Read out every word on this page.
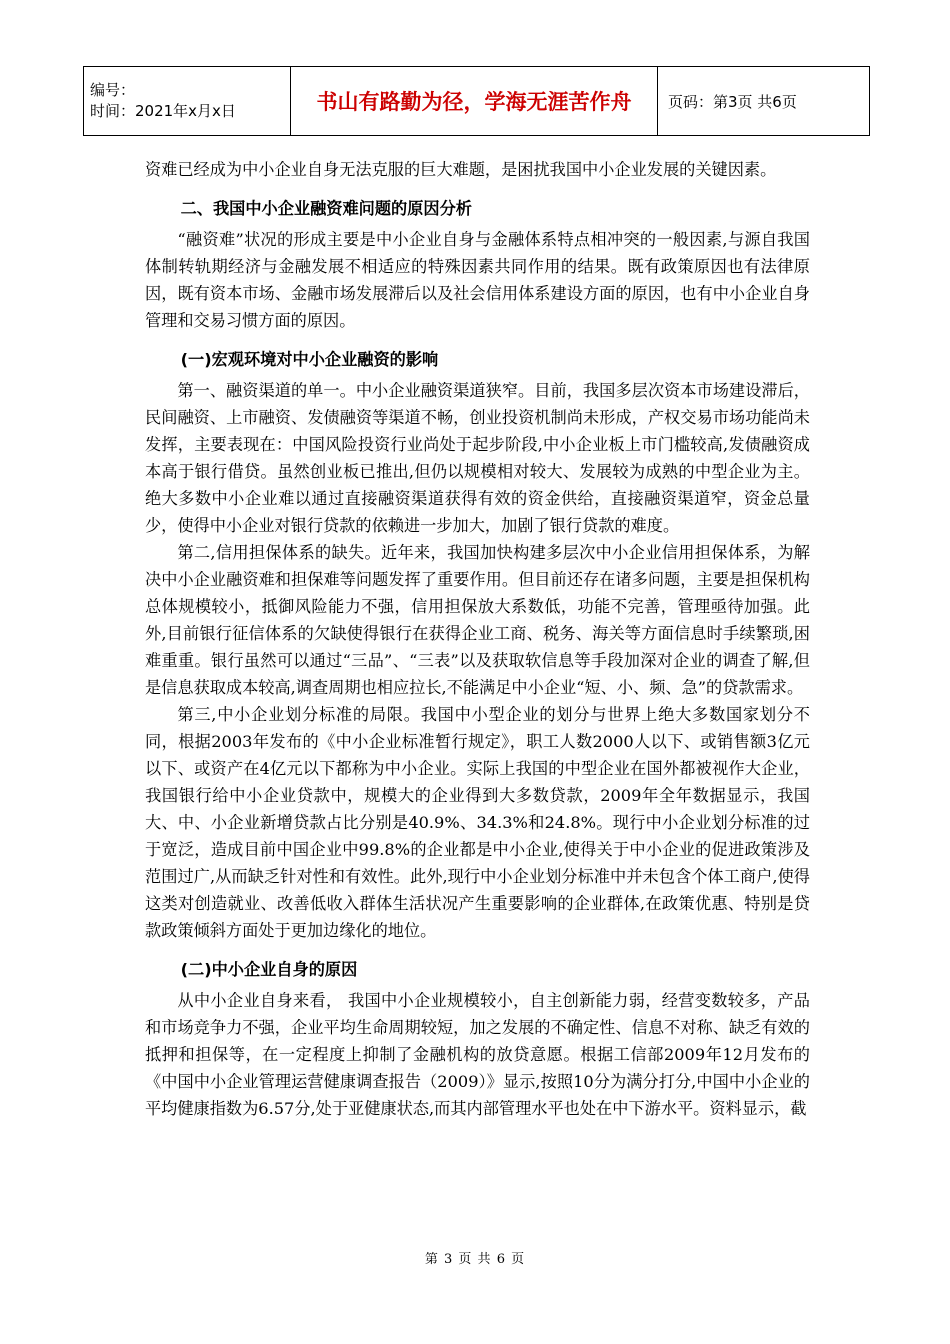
编号：
时间：2021年x月x日	书山有路勤为径，学海无涯苦作舟	页码：第3页 共6页

资难已经成为中小企业自身无法克服的巨大难题，是困扰我国中小企业发展的关键因素。

二、我国中小企业融资难问题的原因分析

“融资难”状况的形成主要是中小企业自身与金融体系特点相冲突的一般因素,与源自我国体制转轨期经济与金融发展不相适应的特殊因素共同作用的结果。既有政策原因也有法律原因，既有资本市场、金融市场发展滞后以及社会信用体系建设方面的原因，也有中小企业自身管理和交易习惯方面的原因。

(一)宏观环境对中小企业融资的影响

第一、融资渠道的单一。中小企业融资渠道狭窄。目前，我国多层次资本市场建设滞后，民间融资、上市融资、发债融资等渠道不畅，创业投资机制尚未形成，产权交易市场功能尚未发挥，主要表现在：中国风险投资行业尚处于起步阶段,中小企业板上市门槛较高,发债融资成本高于银行借贷。虽然创业板已推出,但仍以规模相对较大、发展较为成熟的中型企业为主。绝大多数中小企业难以通过直接融资渠道获得有效的资金供给，直接融资渠道窄，资金总量少，使得中小企业对银行贷款的依赖进一步加大，加剧了银行贷款的难度。

第二,信用担保体系的缺失。近年来，我国加快构建多层次中小企业信用担保体系，为解决中小企业融资难和担保难等问题发挥了重要作用。但目前还存在诸多问题，主要是担保机构总体规模较小，抵御风险能力不强，信用担保放大系数低，功能不完善，管理亟待加强。此外,目前银行征信体系的欠缺使得银行在获得企业工商、税务、海关等方面信息时手续繁琐,困难重重。银行虽然可以通过“三品”、“三表”以及获取软信息等手段加深对企业的调查了解,但是信息获取成本较高,调查周期也相应拉长,不能满足中小企业“短、小、频、急”的贷款需求。

第三,中小企业划分标准的局限。我国中小型企业的划分与世界上绝大多数国家划分不同，根据2003年发布的《中小企业标准暂行规定》，职工人数2000人以下、或销售额3亿元以下、或资产在4亿元以下都称为中小企业。实际上我国的中型企业在国外都被视作大企业，我国银行给中小企业贷款中，规模大的企业得到大多数贷款，2009年全年数据显示，我国大、中、小企业新增贷款占比分别是40.9%、34.3%和24.8%。现行中小企业划分标准的过于宽泛，造成目前中国企业中99.8%的企业都是中小企业,使得关于中小企业的促进政策涉及范围过广,从而缺乏针对性和有效性。此外,现行中小企业划分标准中并未包含个体工商户,使得这类对创造就业、改善低收入群体生活状况产生重要影响的企业群体,在政策优惠、特别是贷款政策倾斜方面处于更加边缘化的地位。

(二)中小企业自身的原因

从中小企业自身来看， 我国中小企业规模较小，自主创新能力弱，经营变数较多，产品和市场竞争力不强，企业平均生命周期较短，加之发展的不确定性、信息不对称、缺乏有效的抵押和担保等，在一定程度上抑制了金融机构的放贷意愿。根据工信部2009年12月发布的《中国中小企业管理运营健康调查报告（2009）》显示,按照10分为满分打分,中国中小企业的平均健康指数为6.57分,处于亚健康状态,而其内部管理水平也处在中下游水平。资料显示，截

第 3 页 共 6 页
